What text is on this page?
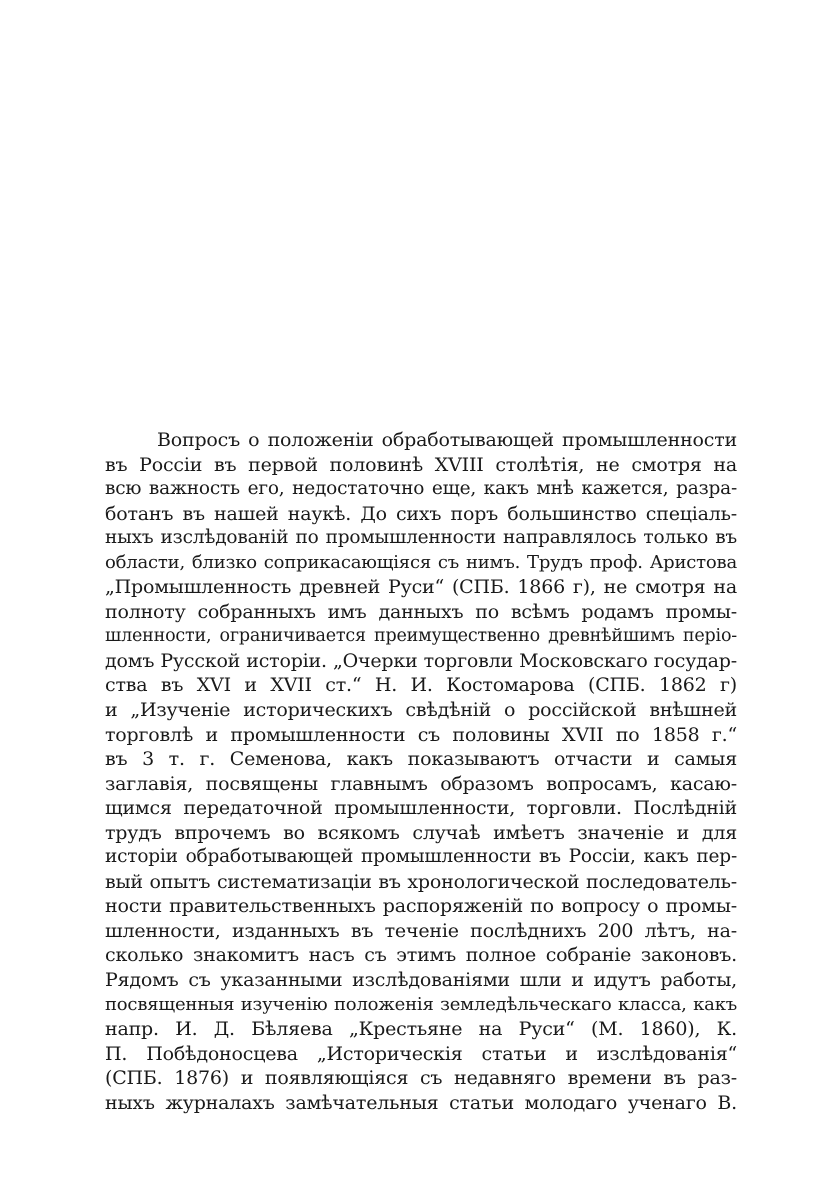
Вопросъ о положенiи обработывающей промышленности
въ Россiи въ первой половинѣ XVIII столѣтiя, не смотря на
всю важность его, недостаточно еще, какъ мнѣ кажется, разра-
ботанъ въ нашей наукѣ. До сихъ поръ большинство спецiаль-
ныхъ изслѣдованiй по промышленности направлялось только въ
области, близко соприкасающiяся съ нимъ. Трудъ проф. Аристова
„Промышленность древней Руси“ (СПБ. 1866 г), не смотря на
полноту собранныхъ имъ данныхъ по всѣмъ родамъ промы-
шленности, ограничивается преимущественно древнѣйшимъ перiо-
домъ Русской исторiи. „Очерки торговли Московскаго государ-
ства въ XVI и XVII ст.“ Н. И. Костомарова (СПБ. 1862 г)
и „Изученiе историческихъ свѣдѣнiй о россiйской внѣшней
торговлѣ и промышленности съ половины XVII по 1858 г.“
въ 3 т. г. Семенова, какъ показываютъ отчасти и самыя
заглавiя, посвящены главнымъ образомъ вопросамъ, касаю-
щимся передаточной промышленности, торговли. Послѣднiй
трудъ впрочемъ во всякомъ случаѣ имѣетъ значенiе и для
исторiи обработывающей промышленности въ Россiи, какъ пер-
вый опытъ систематизацiи въ хронологической последователь-
ности правительственныхъ распоряженiй по вопросу о промы-
шленности, изданныхъ въ теченiе послѣднихъ 200 лѣтъ, на-
сколько знакомитъ насъ съ этимъ полное собранiе законовъ.
Рядомъ съ указанными изслѣдованiями шли и идутъ работы,
посвященныя изученiю положенiя земледѣльческаго класса, какъ
напр. И. Д. Бѣляева „Крестьяне на Руси“ (М. 1860), К.
П. Побѣдоносцева „Историческiя статьи и изслѣдованiя“
(СПБ. 1876) и появляющiяся съ недавняго времени въ раз-
ныхъ журналахъ замѣчательныя статьи молодаго ученаго В.
